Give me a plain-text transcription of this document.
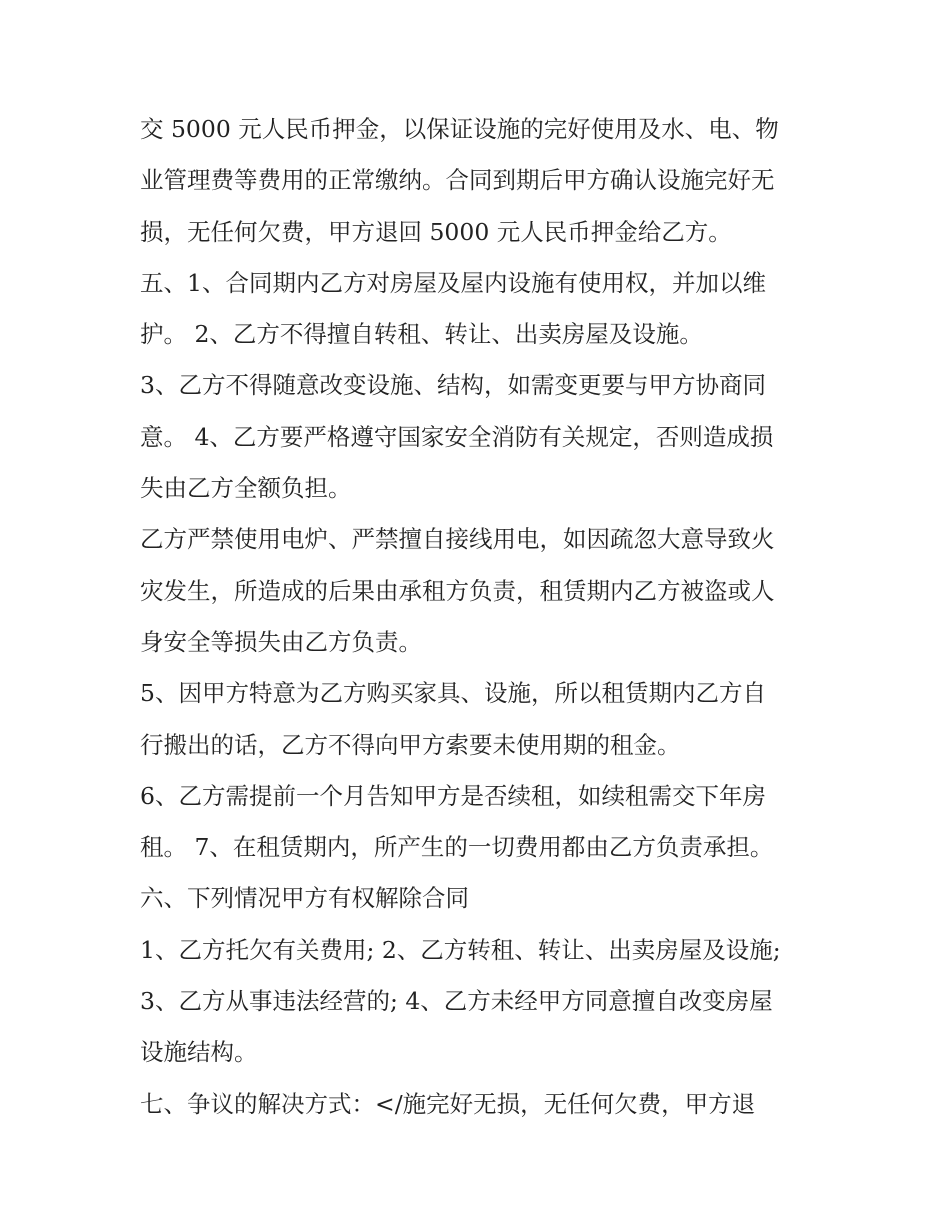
交 5000 元人民币押金，以保证设施的完好使用及水、电、物
业管理费等费用的正常缴纳。合同到期后甲方确认设施完好无
损，无任何欠费，甲方退回 5000 元人民币押金给乙方。
五、1、合同期内乙方对房屋及屋内设施有使用权，并加以维
护。 2、乙方不得擅自转租、转让、出卖房屋及设施。
3、乙方不得随意改变设施、结构，如需变更要与甲方协商同
意。 4、乙方要严格遵守国家安全消防有关规定，否则造成损
失由乙方全额负担。
乙方严禁使用电炉、严禁擅自接线用电，如因疏忽大意导致火
灾发生，所造成的后果由承租方负责，租赁期内乙方被盗或人
身安全等损失由乙方负责。
5、因甲方特意为乙方购买家具、设施，所以租赁期内乙方自
行搬出的话，乙方不得向甲方索要未使用期的租金。
6、乙方需提前一个月告知甲方是否续租，如续租需交下年房
租。 7、在租赁期内，所产生的一切费用都由乙方负责承担。
六、下列情况甲方有权解除合同
1、乙方托欠有关费用; 2、乙方转租、转让、出卖房屋及设施;
3、乙方从事违法经营的; 4、乙方未经甲方同意擅自改变房屋
设施结构。
七、争议的解决方式：</施完好无损，无任何欠费，甲方退
